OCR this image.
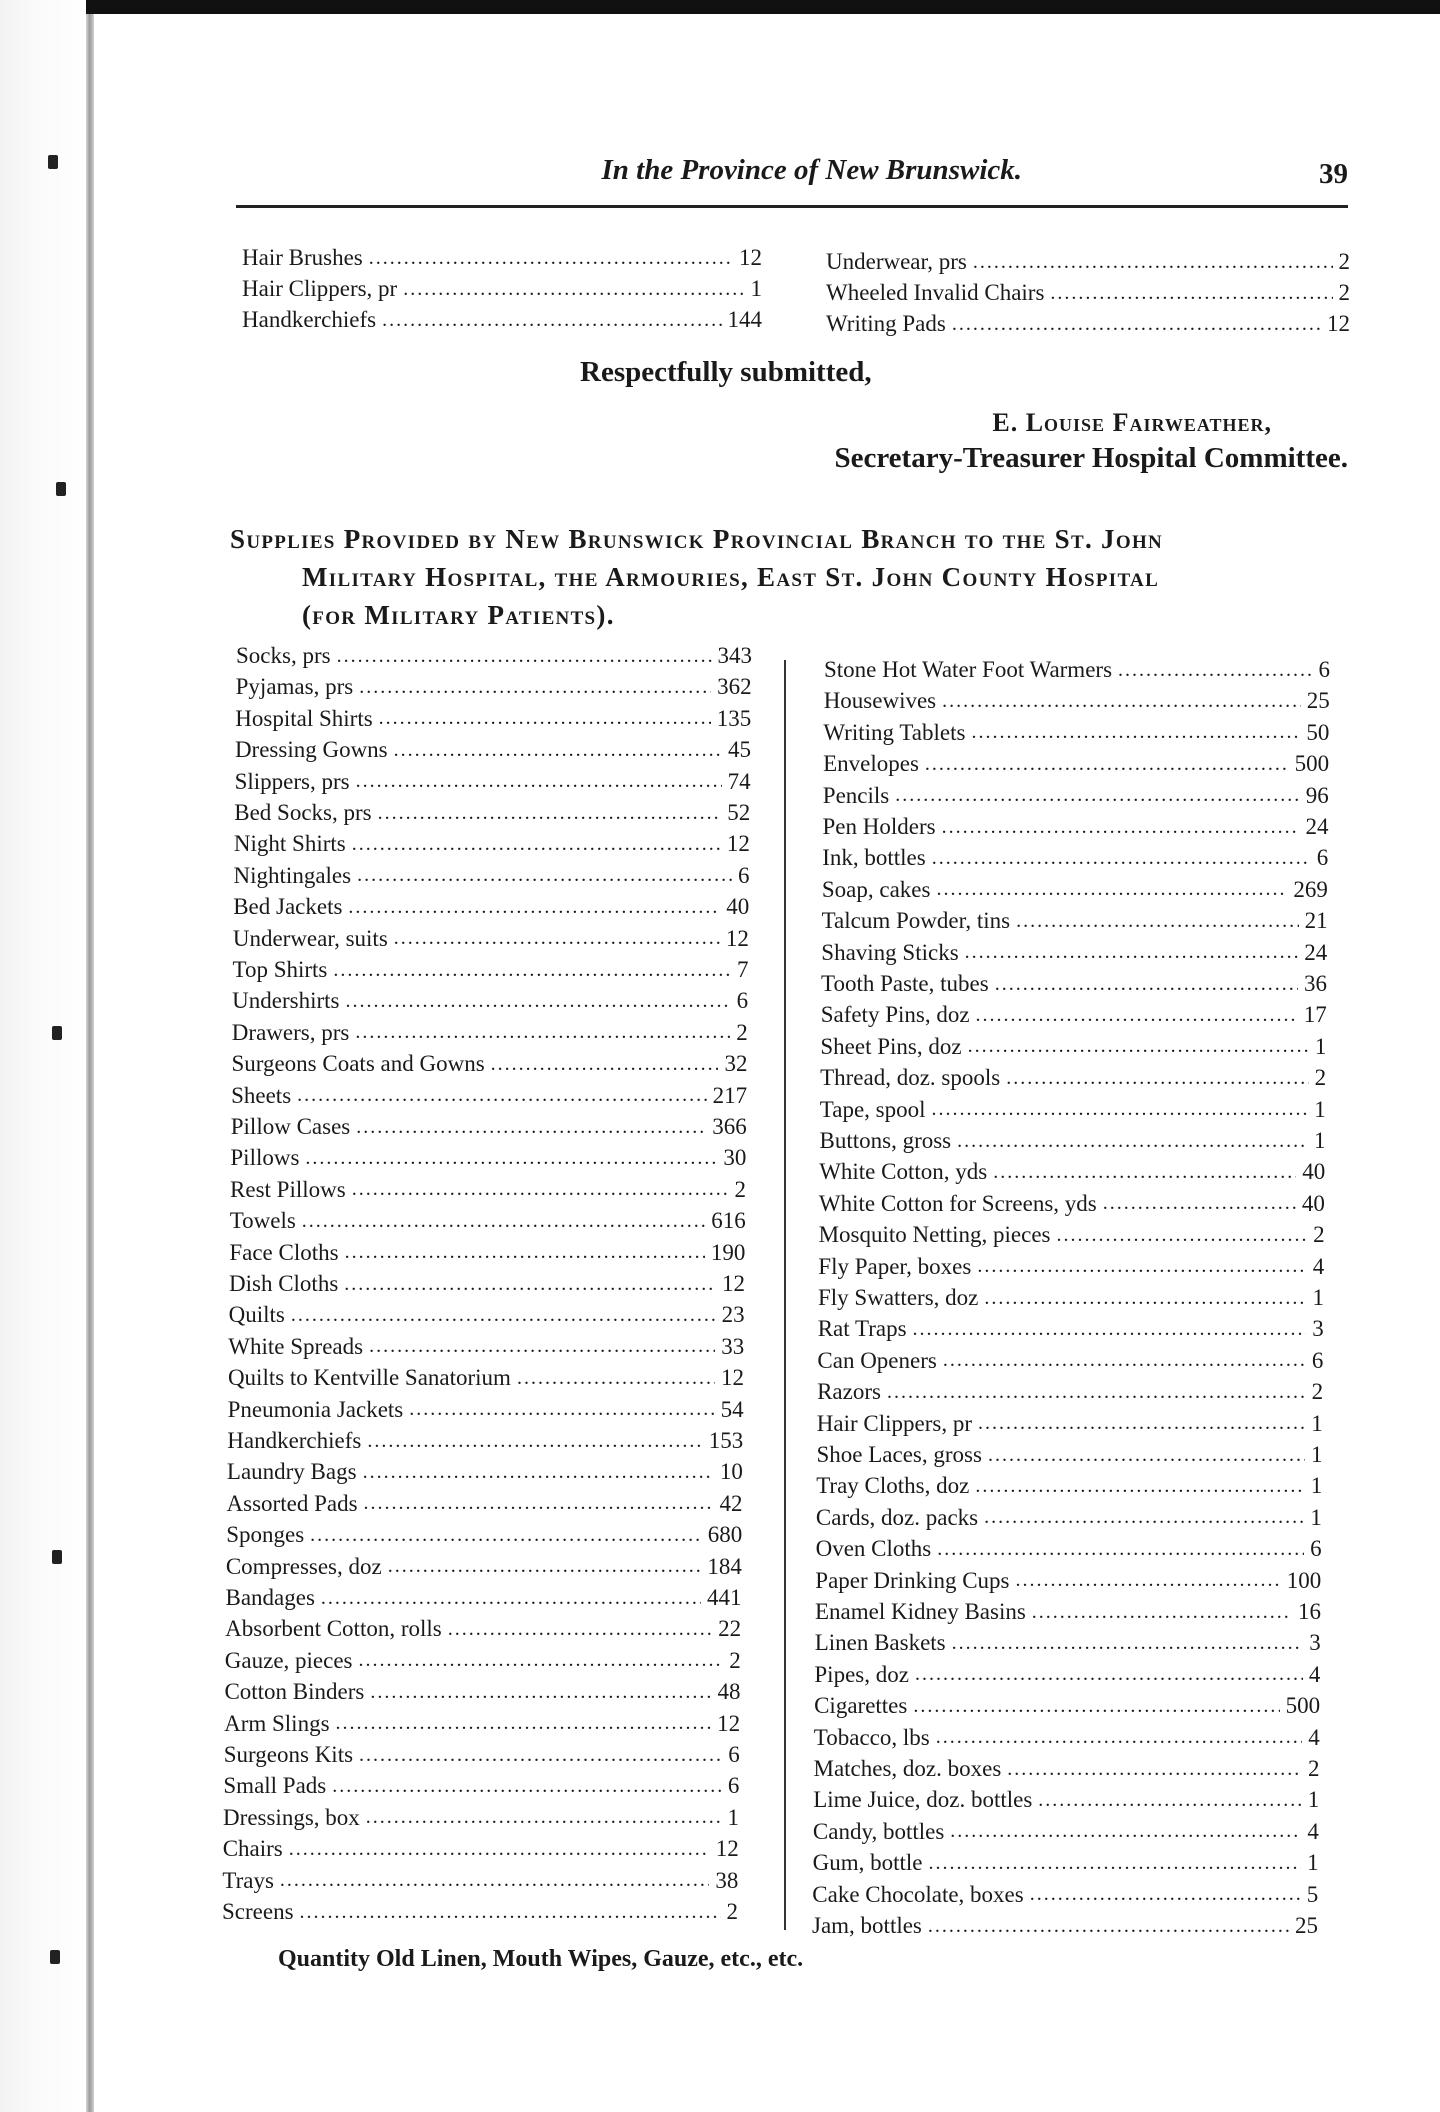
In the Province of New Brunswick.	39
Hair Brushes .....	12
Hair Clippers, pr .....	1
Handkerchiefs .....	144
Underwear, prs .....	2
Wheeled Invalid Chairs .....	2
Writing Pads .....	12
Respectfully submitted,
E. Louise Fairweather,
Secretary-Treasurer Hospital Committee.
Supplies Provided by New Brunswick Provincial Branch to the St. John
Military Hospital, the Armouries, East St. John County Hospital
(for Military Patients).
Socks, prs .....	343
Pyjamas, prs .....	362
Hospital Shirts .....	135
Dressing Gowns .....	45
Slippers, prs .....	74
Bed Socks, prs .....	52
Night Shirts .....	12
Nightingales .....	6
Bed Jackets .....	40
Underwear, suits .....	12
Top Shirts .....	7
Undershirts .....	6
Drawers, prs .....	2
Surgeons Coats and Gowns .....	32
Sheets .....	217
Pillow Cases .....	366
Pillows .....	30
Rest Pillows .....	2
Towels .....	616
Face Cloths .....	190
Dish Cloths .....	12
Quilts .....	23
White Spreads .....	33
Quilts to Kentville Sanatorium .....	12
Pneumonia Jackets .....	54
Handkerchiefs .....	153
Laundry Bags .....	10
Assorted Pads .....	42
Sponges .....	680
Compresses, doz .....	184
Bandages .....	441
Absorbent Cotton, rolls .....	22
Gauze, pieces .....	2
Cotton Binders .....	48
Arm Slings .....	12
Surgeons Kits .....	6
Small Pads .....	6
Dressings, box .....	1
Chairs .....	12
Trays .....	38
Screens .....	2
Stone Hot Water Foot Warmers .....	6
Housewives .....	25
Writing Tablets .....	50
Envelopes .....	500
Pencils .....	96
Pen Holders .....	24
Ink, bottles .....	6
Soap, cakes .....	269
Talcum Powder, tins .....	21
Shaving Sticks .....	24
Tooth Paste, tubes .....	36
Safety Pins, doz .....	17
Sheet Pins, doz .....	1
Thread, doz. spools .....	2
Tape, spool .....	1
Buttons, gross .....	1
White Cotton, yds .....	40
White Cotton for Screens, yds .....	40
Mosquito Netting, pieces .....	2
Fly Paper, boxes .....	4
Fly Swatters, doz .....	1
Rat Traps .....	3
Can Openers .....	6
Razors .....	2
Hair Clippers, pr .....	1
Shoe Laces, gross .....	1
Tray Cloths, doz .....	1
Cards, doz. packs .....	1
Oven Cloths .....	6
Paper Drinking Cups .....	100
Enamel Kidney Basins .....	16
Linen Baskets .....	3
Pipes, doz .....	4
Cigarettes .....	500
Tobacco, lbs .....	4
Matches, doz. boxes .....	2
Lime Juice, doz. bottles .....	1
Candy, bottles .....	4
Gum, bottle .....	1
Cake Chocolate, boxes .....	5
Jam, bottles .....	25
Quantity Old Linen, Mouth Wipes, Gauze, etc., etc.
